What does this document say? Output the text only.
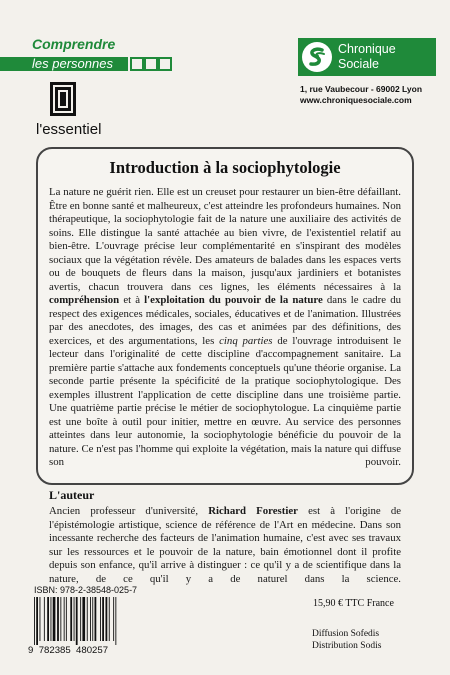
Comprendre
les personnes
Chronique
Sociale
1, rue Vaubecour - 69002 Lyon
www.chroniquesociale.com
l'essentiel
Introduction à la sociophytologie

La nature ne guérit rien. Elle est un creuset pour restaurer un bien-être défaillant. Être en bonne santé et malheureux, c'est atteindre les profondeurs humaines. Non thérapeutique, la sociophytologie fait de la nature une auxiliaire des activités de soins. Elle distingue la santé attachée au bien vivre, de l'existentiel relatif au bien-être. L'ouvrage précise leur complémentarité en s'inspirant des modèles sociaux que la végétation révèle. Des amateurs de balades dans les espaces verts ou de bouquets de fleurs dans la maison, jusqu'aux jardiniers et botanistes avertis, chacun trouvera dans ces lignes, les éléments nécessaires à la compréhension et à l'exploitation du pouvoir de la nature dans le cadre du respect des exigences médicales, sociales, éducatives et de l'animation. Illustrées par des anecdotes, des images, des cas et animées par des définitions, des exercices, et des argumentations, les cinq parties de l'ouvrage introduisent le lecteur dans l'originalité de cette discipline d'accompagnement sanitaire. La première partie s'attache aux fondements conceptuels qu'une théorie organise. La seconde partie présente la spécificité de la pratique sociophytologique. Des exemples illustrent l'application de cette discipline dans une troisième partie. Une quatrième partie précise le métier de sociophytologue. La cinquième partie est une boîte à outil pour initier, mettre en œuvre. Au service des personnes atteintes dans leur autonomie, la sociophytologie bénéficie du pouvoir de la nature. Ce n'est pas l'homme qui exploite la végétation, mais la nature qui diffuse son pouvoir.

L'auteur

Ancien professeur d'université, Richard Forestier est à l'origine de l'épistémologie artistique, science de référence de l'Art en médecine. Dans son incessante recherche des facteurs de l'animation humaine, c'est avec ses travaux sur les ressources et le pouvoir de la nature, bain émotionnel dont il profite depuis son enfance, qu'il arrive à distinguer : ce qu'il y a de scientifique dans la nature, de ce qu'il y a de naturel dans la science.

ISBN: 978-2-38548-025-7
9 782385 480257
15,90 € TTC France
Diffusion Sofedis
Distribution Sodis
